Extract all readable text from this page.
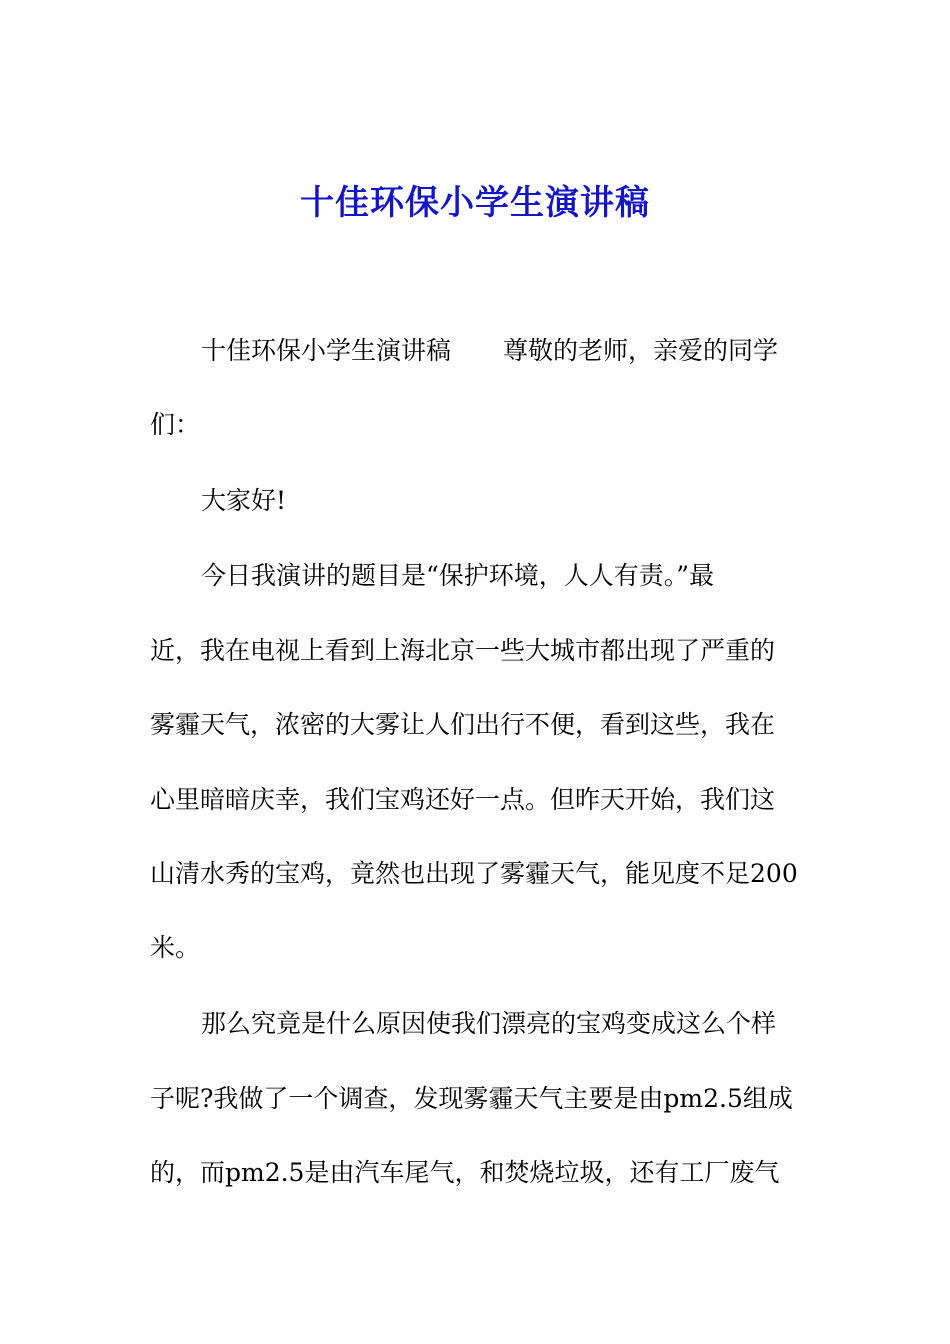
十佳环保小学生演讲稿
十佳环保小学生演讲稿 尊敬的老师，亲爱的同学
们：
大家好!
今日我演讲的题目是“保护环境，人人有责。”最
近，我在电视上看到上海北京一些大城市都出现了严重的
雾霾天气，浓密的大雾让人们出行不便，看到这些，我在
心里暗暗庆幸，我们宝鸡还好一点。但昨天开始，我们这
山清水秀的宝鸡，竟然也出现了雾霾天气，能见度不足200
米。
那么究竟是什么原因使我们漂亮的宝鸡变成这么个样
子呢?我做了一个调查，发现雾霾天气主要是由pm2.5组成
的，而pm2.5是由汽车尾气，和焚烧垃圾，还有工厂废气
